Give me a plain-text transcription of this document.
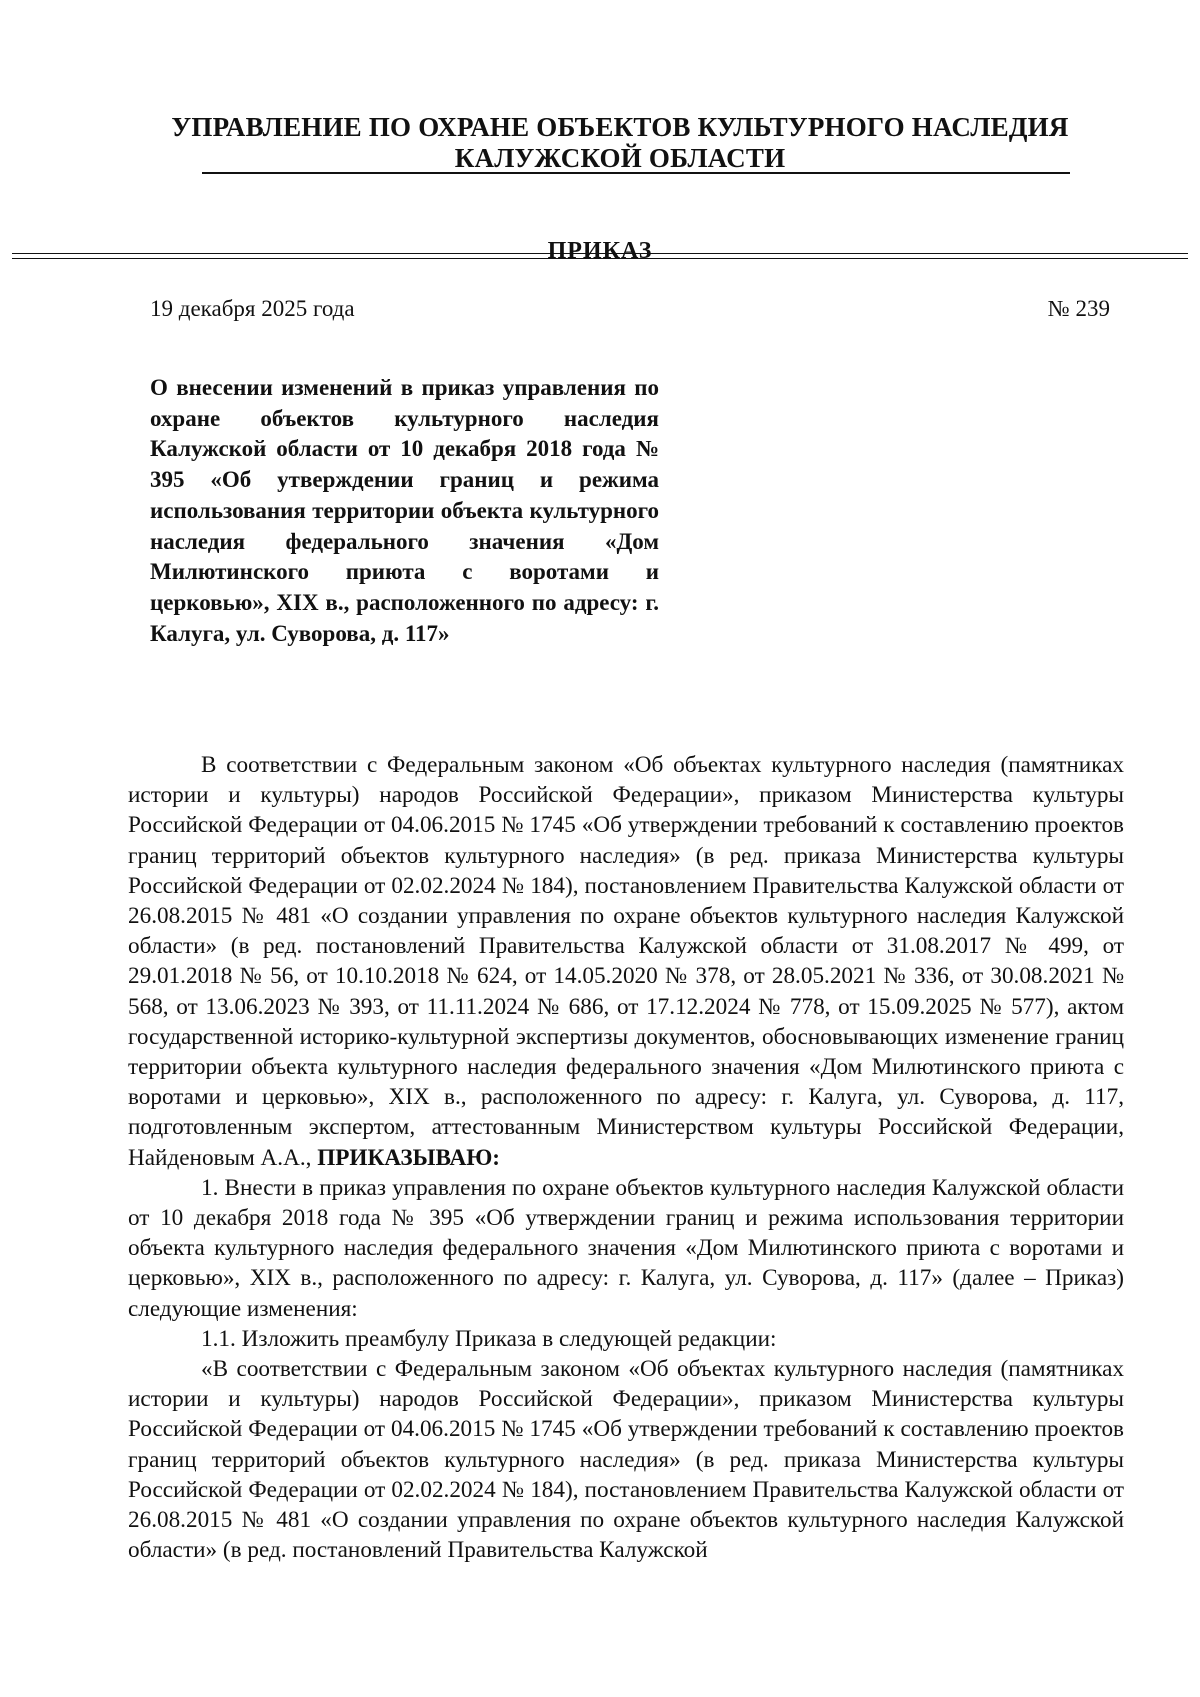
УПРАВЛЕНИЕ ПО ОХРАНЕ ОБЪЕКТОВ КУЛЬТУРНОГО НАСЛЕДИЯ
КАЛУЖСКОЙ ОБЛАСТИ
ПРИКАЗ
19 декабря 2025 года	№ 239

О внесении изменений в приказ управления по охране объектов культурного наследия Калужской области от 10 декабря 2018 года № 395 «Об утверждении границ и режима использования территории объекта культурного наследия федерального значения «Дом Милютинского приюта с воротами и церковью», XIX в., расположенного по адресу: г. Калуга, ул. Суворова, д. 117»

В соответствии с Федеральным законом «Об объектах культурного наследия (памятниках истории и культуры) народов Российской Федерации», приказом Министерства культуры Российской Федерации от 04.06.2015 № 1745 «Об утверждении требований к составлению проектов границ территорий объектов культурного наследия» (в ред. приказа Министерства культуры Российской Федерации от 02.02.2024 № 184), постановлением Правительства Калужской области от 26.08.2015 № 481 «О создании управления по охране объектов культурного наследия Калужской области» (в ред. постановлений Правительства Калужской области от 31.08.2017 № 499, от 29.01.2018 № 56, от 10.10.2018 № 624, от 14.05.2020 № 378, от 28.05.2021 № 336, от 30.08.2021 № 568, от 13.06.2023 № 393, от 11.11.2024 № 686, от 17.12.2024 № 778, от 15.09.2025 № 577), актом государственной историко-культурной экспертизы документов, обосновывающих изменение границ территории объекта культурного наследия федерального значения «Дом Милютинского приюта с воротами и церковью», XIX в., расположенного по адресу: г. Калуга, ул. Суворова, д. 117, подготовленным экспертом, аттестованным Министерством культуры Российской Федерации, Найденовым А.А., ПРИКАЗЫВАЮ:

1. Внести в приказ управления по охране объектов культурного наследия Калужской области от 10 декабря 2018 года № 395 «Об утверждении границ и режима использования территории объекта культурного наследия федерального значения «Дом Милютинского приюта с воротами и церковью», XIX в., расположенного по адресу: г. Калуга, ул. Суворова, д. 117» (далее – Приказ) следующие изменения:

1.1. Изложить преамбулу Приказа в следующей редакции:

«В соответствии с Федеральным законом «Об объектах культурного наследия (памятниках истории и культуры) народов Российской Федерации», приказом Министерства культуры Российской Федерации от 04.06.2015 № 1745 «Об утверждении требований к составлению проектов границ территорий объектов культурного наследия» (в ред. приказа Министерства культуры Российской Федерации от 02.02.2024 № 184), постановлением Правительства Калужской области от 26.08.2015 № 481 «О создании управления по охране объектов культурного наследия Калужской области» (в ред. постановлений Правительства Калужской
